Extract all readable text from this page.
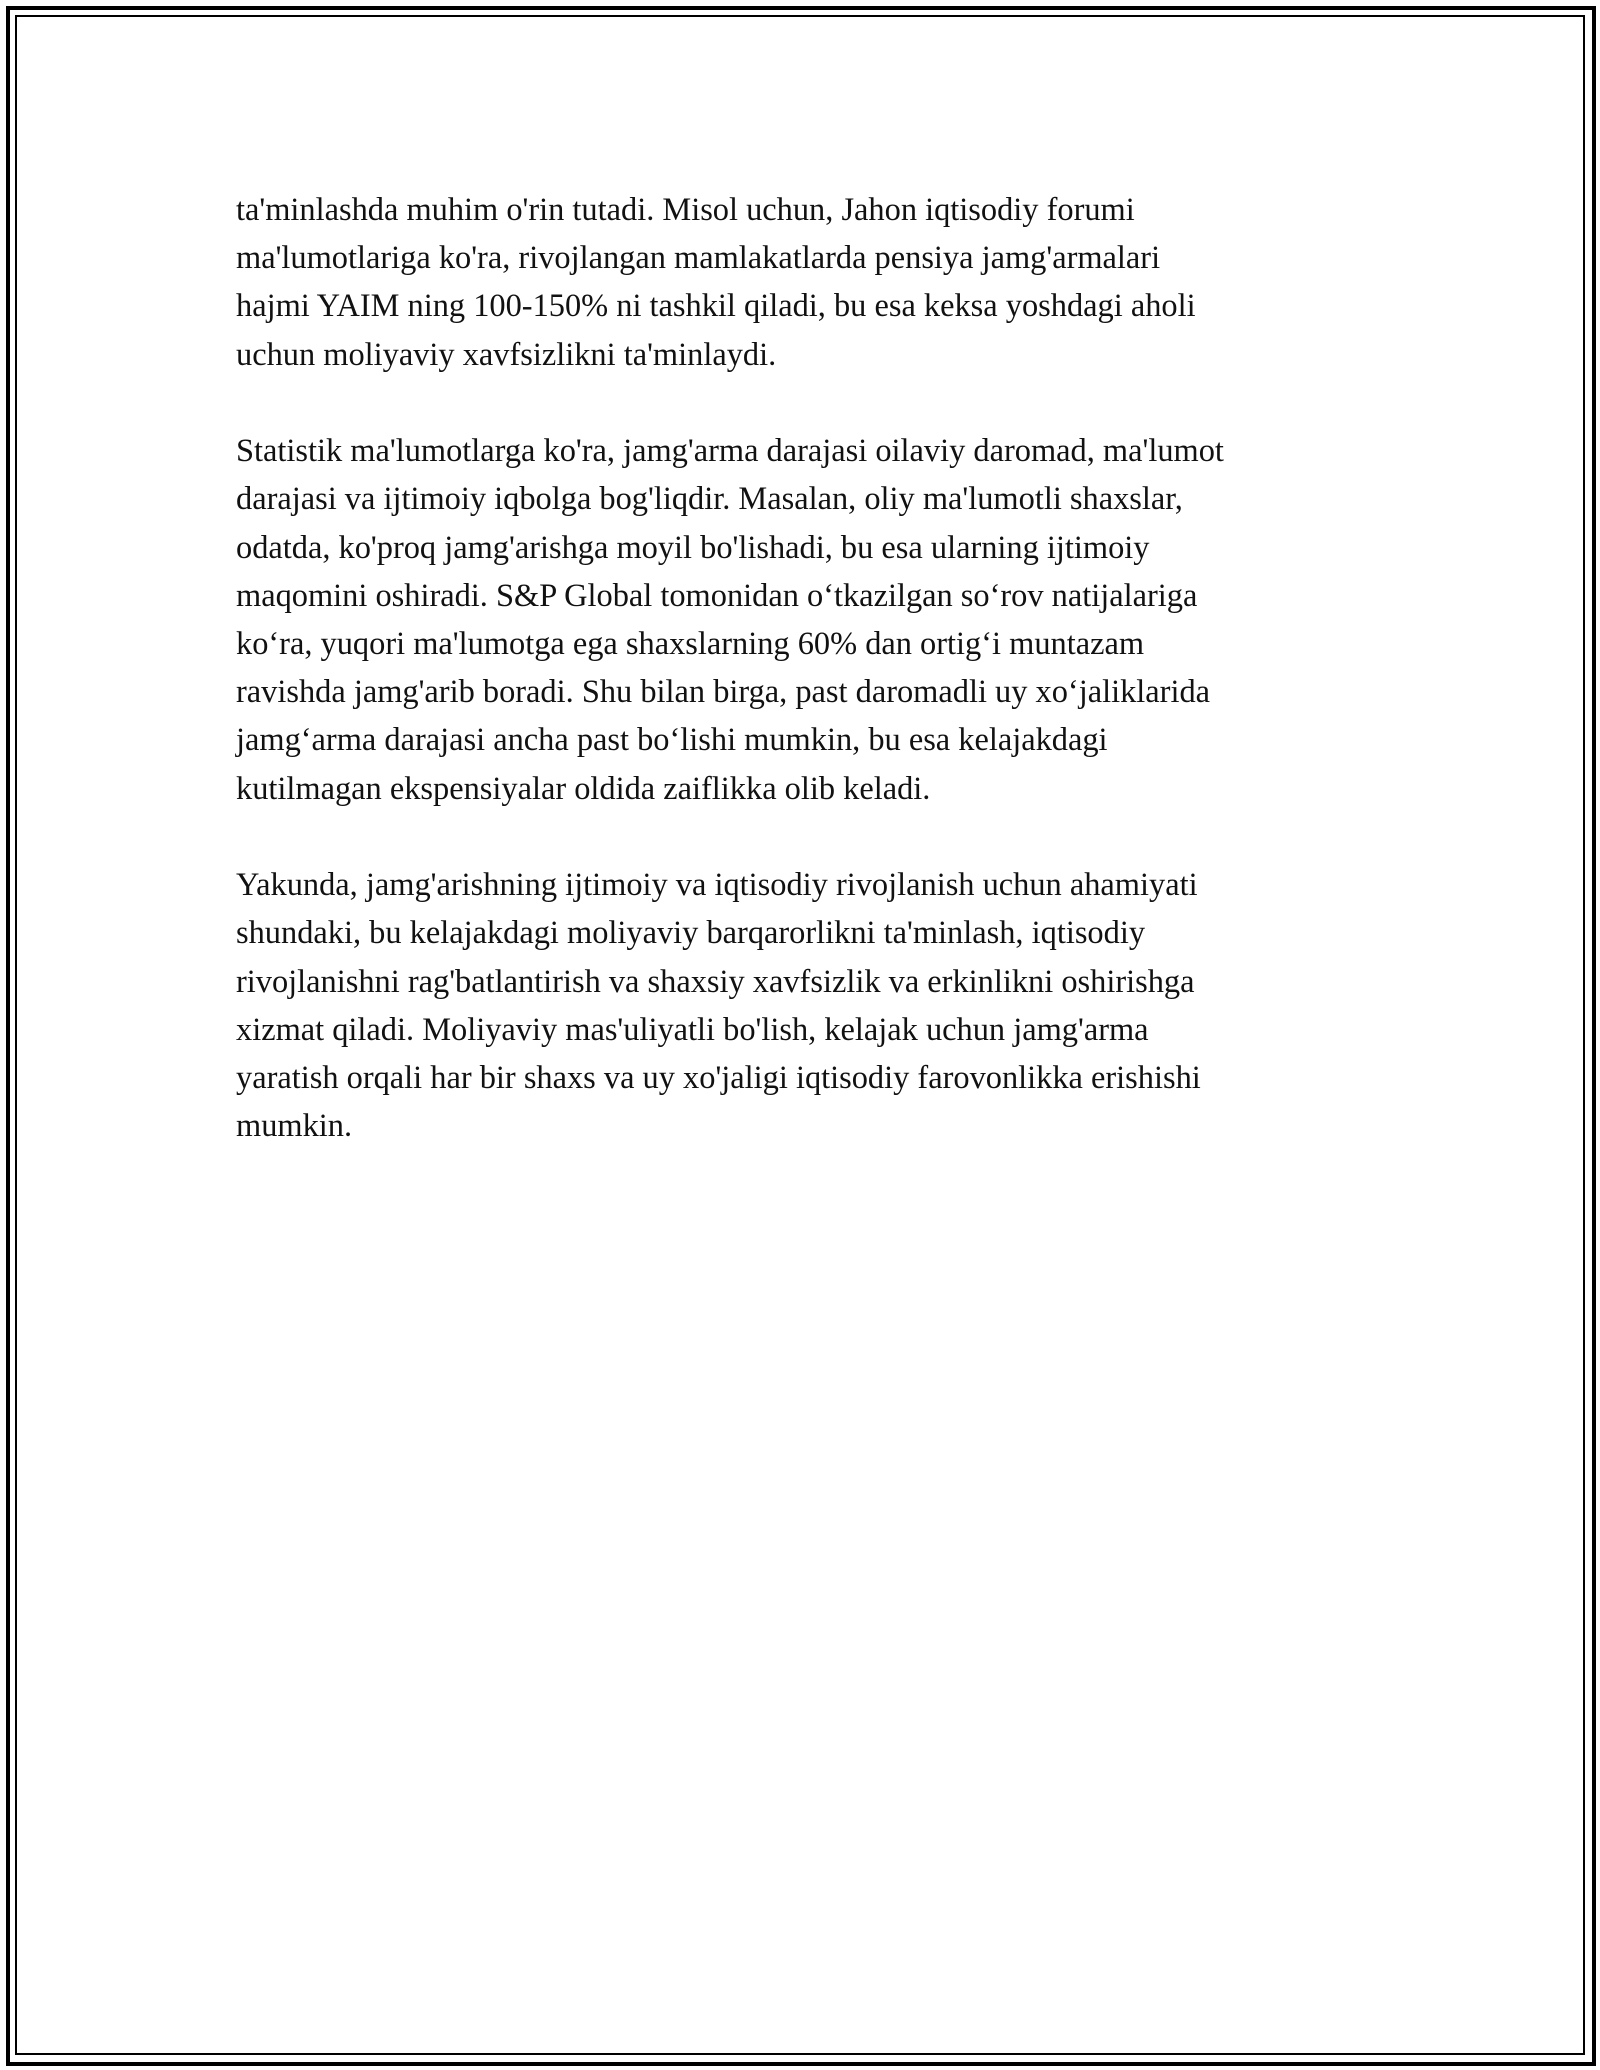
ta'minlashda muhim o'rin tutadi. Misol uchun, Jahon iqtisodiy forumi
ma'lumotlariga ko'ra, rivojlangan mamlakatlarda pensiya jamg'armalari
hajmi YAIM ning 100-150% ni tashkil qiladi, bu esa keksa yoshdagi aholi
uchun moliyaviy xavfsizlikni ta'minlaydi.

Statistik ma'lumotlarga ko'ra, jamg'arma darajasi oilaviy daromad, ma'lumot
darajasi va ijtimoiy iqbolga bog'liqdir. Masalan, oliy ma'lumotli shaxslar,
odatda, ko'proq jamg'arishga moyil bo'lishadi, bu esa ularning ijtimoiy
maqomini oshiradi. S&P Global tomonidan o‘tkazilgan so‘rov natijalariga
ko‘ra, yuqori ma'lumotga ega shaxslarning 60% dan ortig‘i muntazam
ravishda jamg'arib boradi. Shu bilan birga, past daromadli uy xo‘jaliklarida
jamg‘arma darajasi ancha past bo‘lishi mumkin, bu esa kelajakdagi
kutilmagan ekspensiyalar oldida zaiflikka olib keladi.

Yakunda, jamg'arishning ijtimoiy va iqtisodiy rivojlanish uchun ahamiyati
shundaki, bu kelajakdagi moliyaviy barqarorlikni ta'minlash, iqtisodiy
rivojlanishni rag'batlantirish va shaxsiy xavfsizlik va erkinlikni oshirishga
xizmat qiladi. Moliyaviy mas'uliyatli bo'lish, kelajak uchun jamg'arma
yaratish orqali har bir shaxs va uy xo'jaligi iqtisodiy farovonlikka erishishi
mumkin.
